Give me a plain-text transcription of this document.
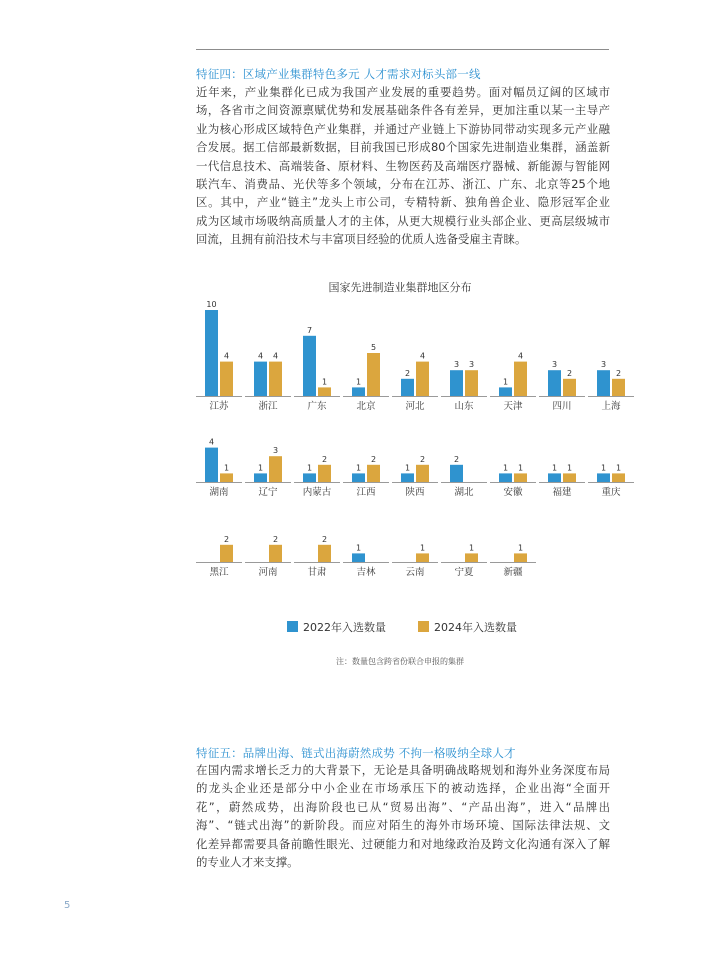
特征四：区域产业集群特色多元 人才需求对标头部一线
近年来，产业集群化已成为我国产业发展的重要趋势。面对幅员辽阔的区域市
场，各省市之间资源禀赋优势和发展基础条件各有差异，更加注重以某一主导产
业为核心形成区域特色产业集群，并通过产业链上下游协同带动实现多元产业融
合发展。据工信部最新数据，目前我国已形成80个国家先进制造业集群，涵盖新
一代信息技术、高端装备、原材料、生物医药及高端医疗器械、新能源与智能网
联汽车、消费品、光伏等多个领域，分布在江苏、浙江、广东、北京等25个地
区。其中，产业“链主”龙头上市公司，专精特新、独角兽企业、隐形冠军企业
成为区域市场吸纳高质量人才的主体，从更大规模行业头部企业、更高层级城市
回流，且拥有前沿技术与丰富项目经验的优质人选备受雇主青睐。
国家先进制造业集群地区分布
10
4
江苏
4 4
浙江
7
1
广东
1
5
北京
2
4
河北
3 3
山东
1
4
天津
3
2
四川
3
2
上海
4
1
湖南
1
3
辽宁
1
2
内蒙古
1
2
江西
1
2
陕西
2
湖北
1 1
安徽
1 1
福建
1 1
重庆
2
黑江
2
河南
2
甘肃
1
吉林
1
云南
1
宁夏
1
新疆
2022年入选数量	2024年入选数量
注：数量包含跨省份联合申报的集群
特征五：品牌出海、链式出海蔚然成势 不拘一格吸纳全球人才
在国内需求增长乏力的大背景下，无论是具备明确战略规划和海外业务深度布局
的龙头企业还是部分中小企业在市场承压下的被动选择，企业出海“全面开
花”，蔚然成势，出海阶段也已从“贸易出海”、“产品出海”，进入“品牌出
海”、“链式出海”的新阶段。而应对陌生的海外市场环境、国际法律法规、文
化差异都需要具备前瞻性眼光、过硬能力和对地缘政治及跨文化沟通有深入了解
的专业人才来支撑。
5
